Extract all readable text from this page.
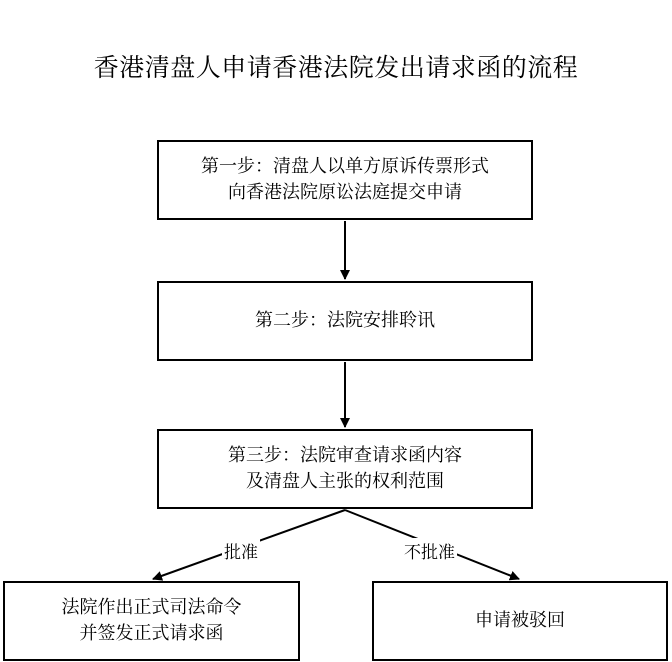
香港清盘人申请香港法院发出请求函的流程
第一步：清盘人以单方原诉传票形式
向香港法院原讼法庭提交申请
第二步：法院安排聆讯
第三步：法院审查请求函内容
及清盘人主张的权利范围
批准	不批准
法院作出正式司法命令
并签发正式请求函
申请被驳回
